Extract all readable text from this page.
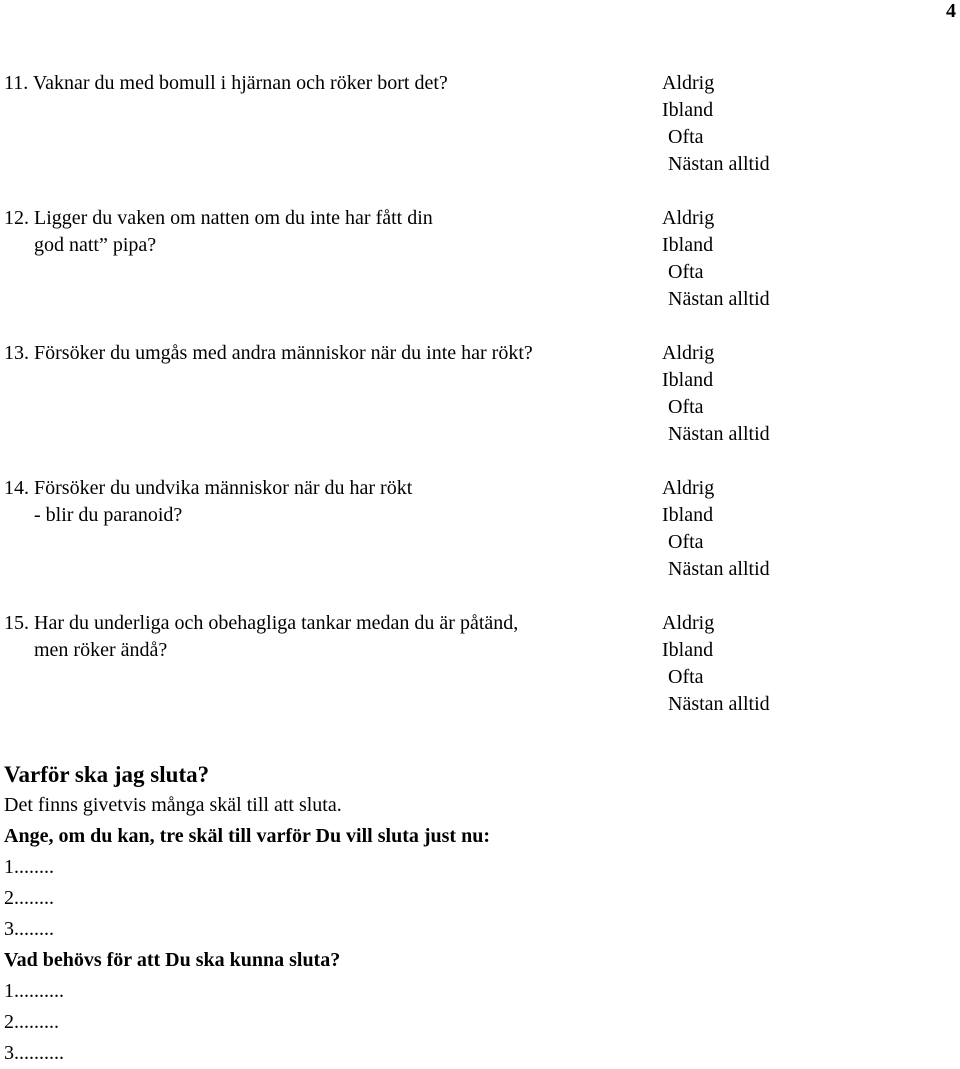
4
11. Vaknar du med bomull i hjärnan och röker bort det?	Aldrig
Ibland
Ofta
Nästan alltid
12. Ligger du vaken om natten om du inte har fått din
god natt” pipa?
Aldrig
Ibland
Ofta
Nästan alltid
13. Försöker du umgås med andra människor när du inte har rökt?	Aldrig
Ibland
Ofta
Nästan alltid
14. Försöker du undvika människor när du har rökt
- blir du paranoid?
Aldrig
Ibland
Ofta
Nästan alltid
15. Har du underliga och obehagliga tankar medan du är påtänd,
men röker ändå?
Aldrig
Ibland
Ofta
Nästan alltid
Varför ska jag sluta?
Det finns givetvis många skäl till att sluta.
Ange, om du kan, tre skäl till varför Du vill sluta just nu:
1........
2........
3........
Vad behövs för att Du ska kunna sluta?
1..........
2.........
3..........
